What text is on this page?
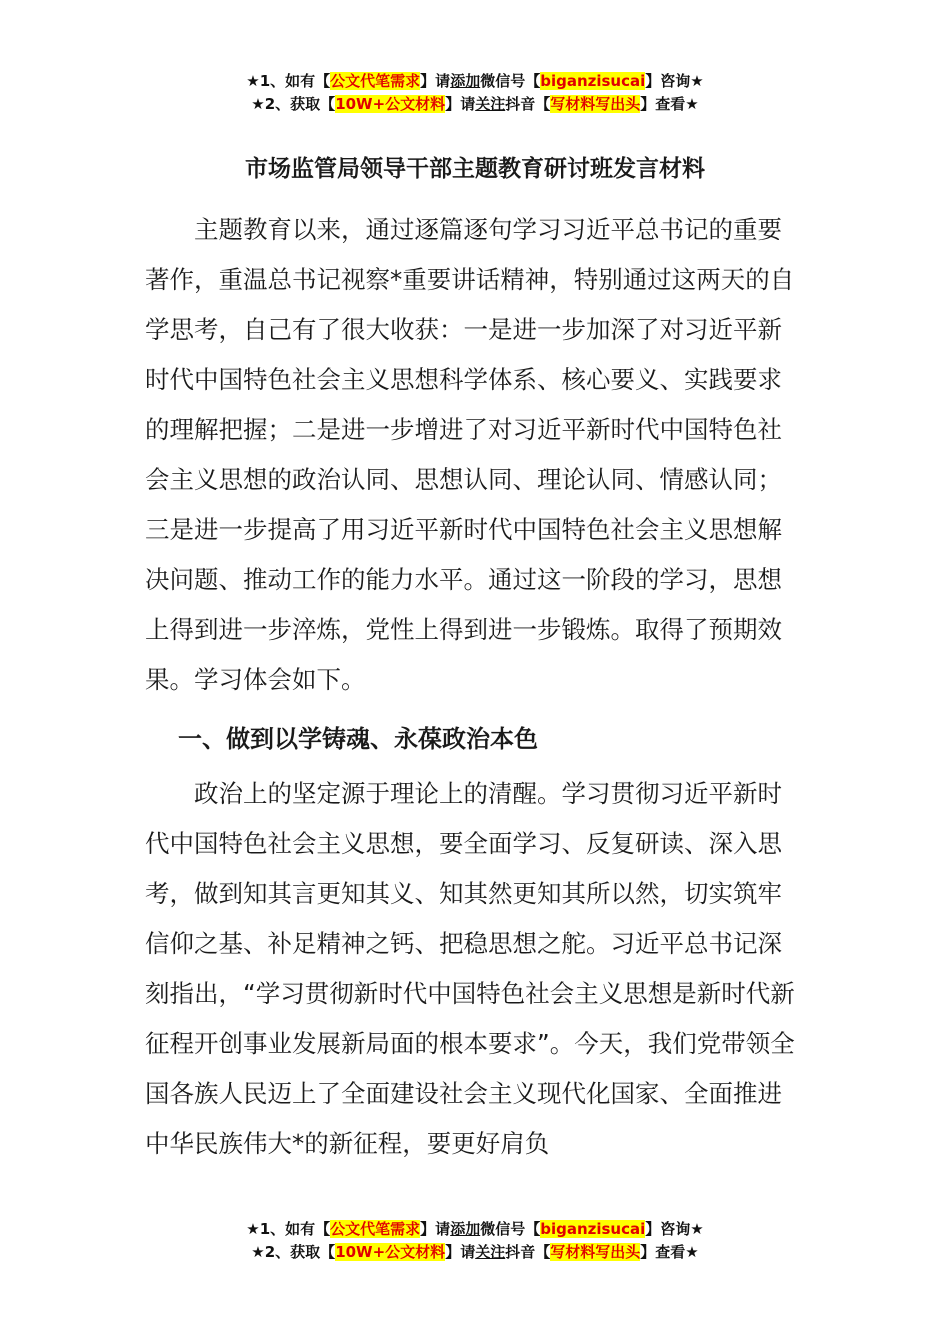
★1、如有【公文代笔需求】请添加微信号【biganzisucai】咨询★
★2、获取【10W+公文材料】请关注抖音【写材料写出头】查看★
市场监管局领导干部主题教育研讨班发言材料

主题教育以来，通过逐篇逐句学习习近平总书记的重要著作，重温总书记视察*重要讲话精神，特别通过这两天的自学思考，自己有了很大收获：一是进一步加深了对习近平新时代中国特色社会主义思想科学体系、核心要义、实践要求的理解把握；二是进一步增进了对习近平新时代中国特色社会主义思想的政治认同、思想认同、理论认同、情感认同；三是进一步提高了用习近平新时代中国特色社会主义思想解决问题、推动工作的能力水平。通过这一阶段的学习，思想上得到进一步淬炼，党性上得到进一步锻炼。取得了预期效果。学习体会如下。

一、做到以学铸魂、永葆政治本色

政治上的坚定源于理论上的清醒。学习贯彻习近平新时代中国特色社会主义思想，要全面学习、反复研读、深入思考，做到知其言更知其义、知其然更知其所以然，切实筑牢信仰之基、补足精神之钙、把稳思想之舵。习近平总书记深刻指出，“学习贯彻新时代中国特色社会主义思想是新时代新征程开创事业发展新局面的根本要求”。今天，我们党带领全国各族人民迈上了全面建设社会主义现代化国家、全面推进中华民族伟大*的新征程，要更好肩负

★1、如有【公文代笔需求】请添加微信号【biganzisucai】咨询★
★2、获取【10W+公文材料】请关注抖音【写材料写出头】查看★
